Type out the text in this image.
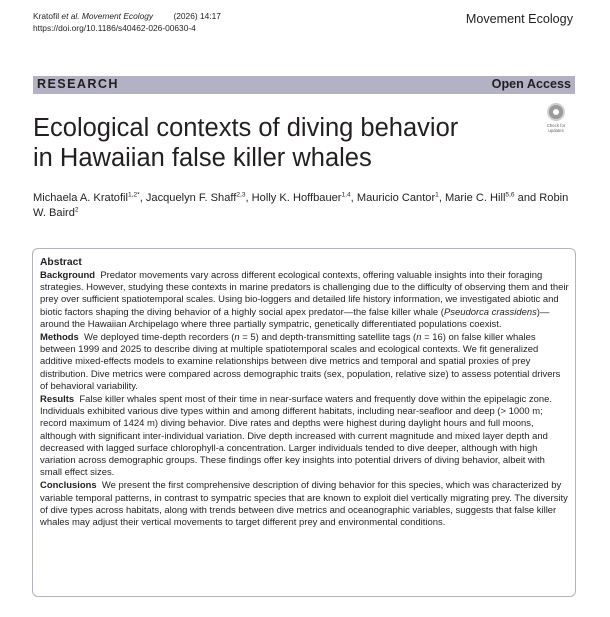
Kratofil et al. Movement Ecology (2026) 14:17
https://doi.org/10.1186/s40462-026-00630-4
Movement Ecology
RESEARCH	Open Access
Check for
updates
Ecological contexts of diving behavior
in Hawaiian false killer whales
Michaela A. Kratofil$^{1,2*}$, Jacquelyn F. Shaff$^{2,3}$, Holly K. Hoffbauer$^{1,4}$, Mauricio Cantor$^1$, Marie C. Hill$^{5,6}$ and Robin W. Baird$^2$
Abstract

Background Predator movements vary across different ecological contexts, offering valuable insights into their foraging strategies. However, studying these contexts in marine predators is challenging due to the difficulty of observing them and their prey over sufficient spatiotemporal scales. Using bio-loggers and detailed life history information, we investigated abiotic and biotic factors shaping the diving behavior of a highly social apex predator—the false killer whale (Pseudorca crassidens)—around the Hawaiian Archipelago where three partially sympatric, genetically differentiated populations coexist.

Methods We deployed time-depth recorders (n = 5) and depth-transmitting satellite tags (n = 16) on false killer whales between 1999 and 2025 to describe diving at multiple spatiotemporal scales and ecological contexts. We fit generalized additive mixed-effects models to examine relationships between dive metrics and temporal and spatial proxies of prey distribution. Dive metrics were compared across demographic traits (sex, population, relative size) to assess potential drivers of behavioral variability.

Results False killer whales spent most of their time in near-surface waters and frequently dove within the epipelagic zone. Individuals exhibited various dive types within and among different habitats, including near-seafloor and deep (> 1000 m; record maximum of 1424 m) diving behavior. Dive rates and depths were highest during daylight hours and full moons, although with significant inter-individual variation. Dive depth increased with current magnitude and mixed layer depth and decreased with lagged surface chlorophyll-a concentration. Larger individuals tended to dive deeper, although with high variation across demographic groups. These findings offer key insights into potential drivers of diving behavior, albeit with small effect sizes.

Conclusions We present the first comprehensive description of diving behavior for this species, which was characterized by variable temporal patterns, in contrast to sympatric species that are known to exploit diel vertically migrating prey. The diversity of dive types across habitats, along with trends between dive metrics and oceanographic variables, suggests that false killer whales may adjust their vertical movements to target different prey and environmental conditions.
